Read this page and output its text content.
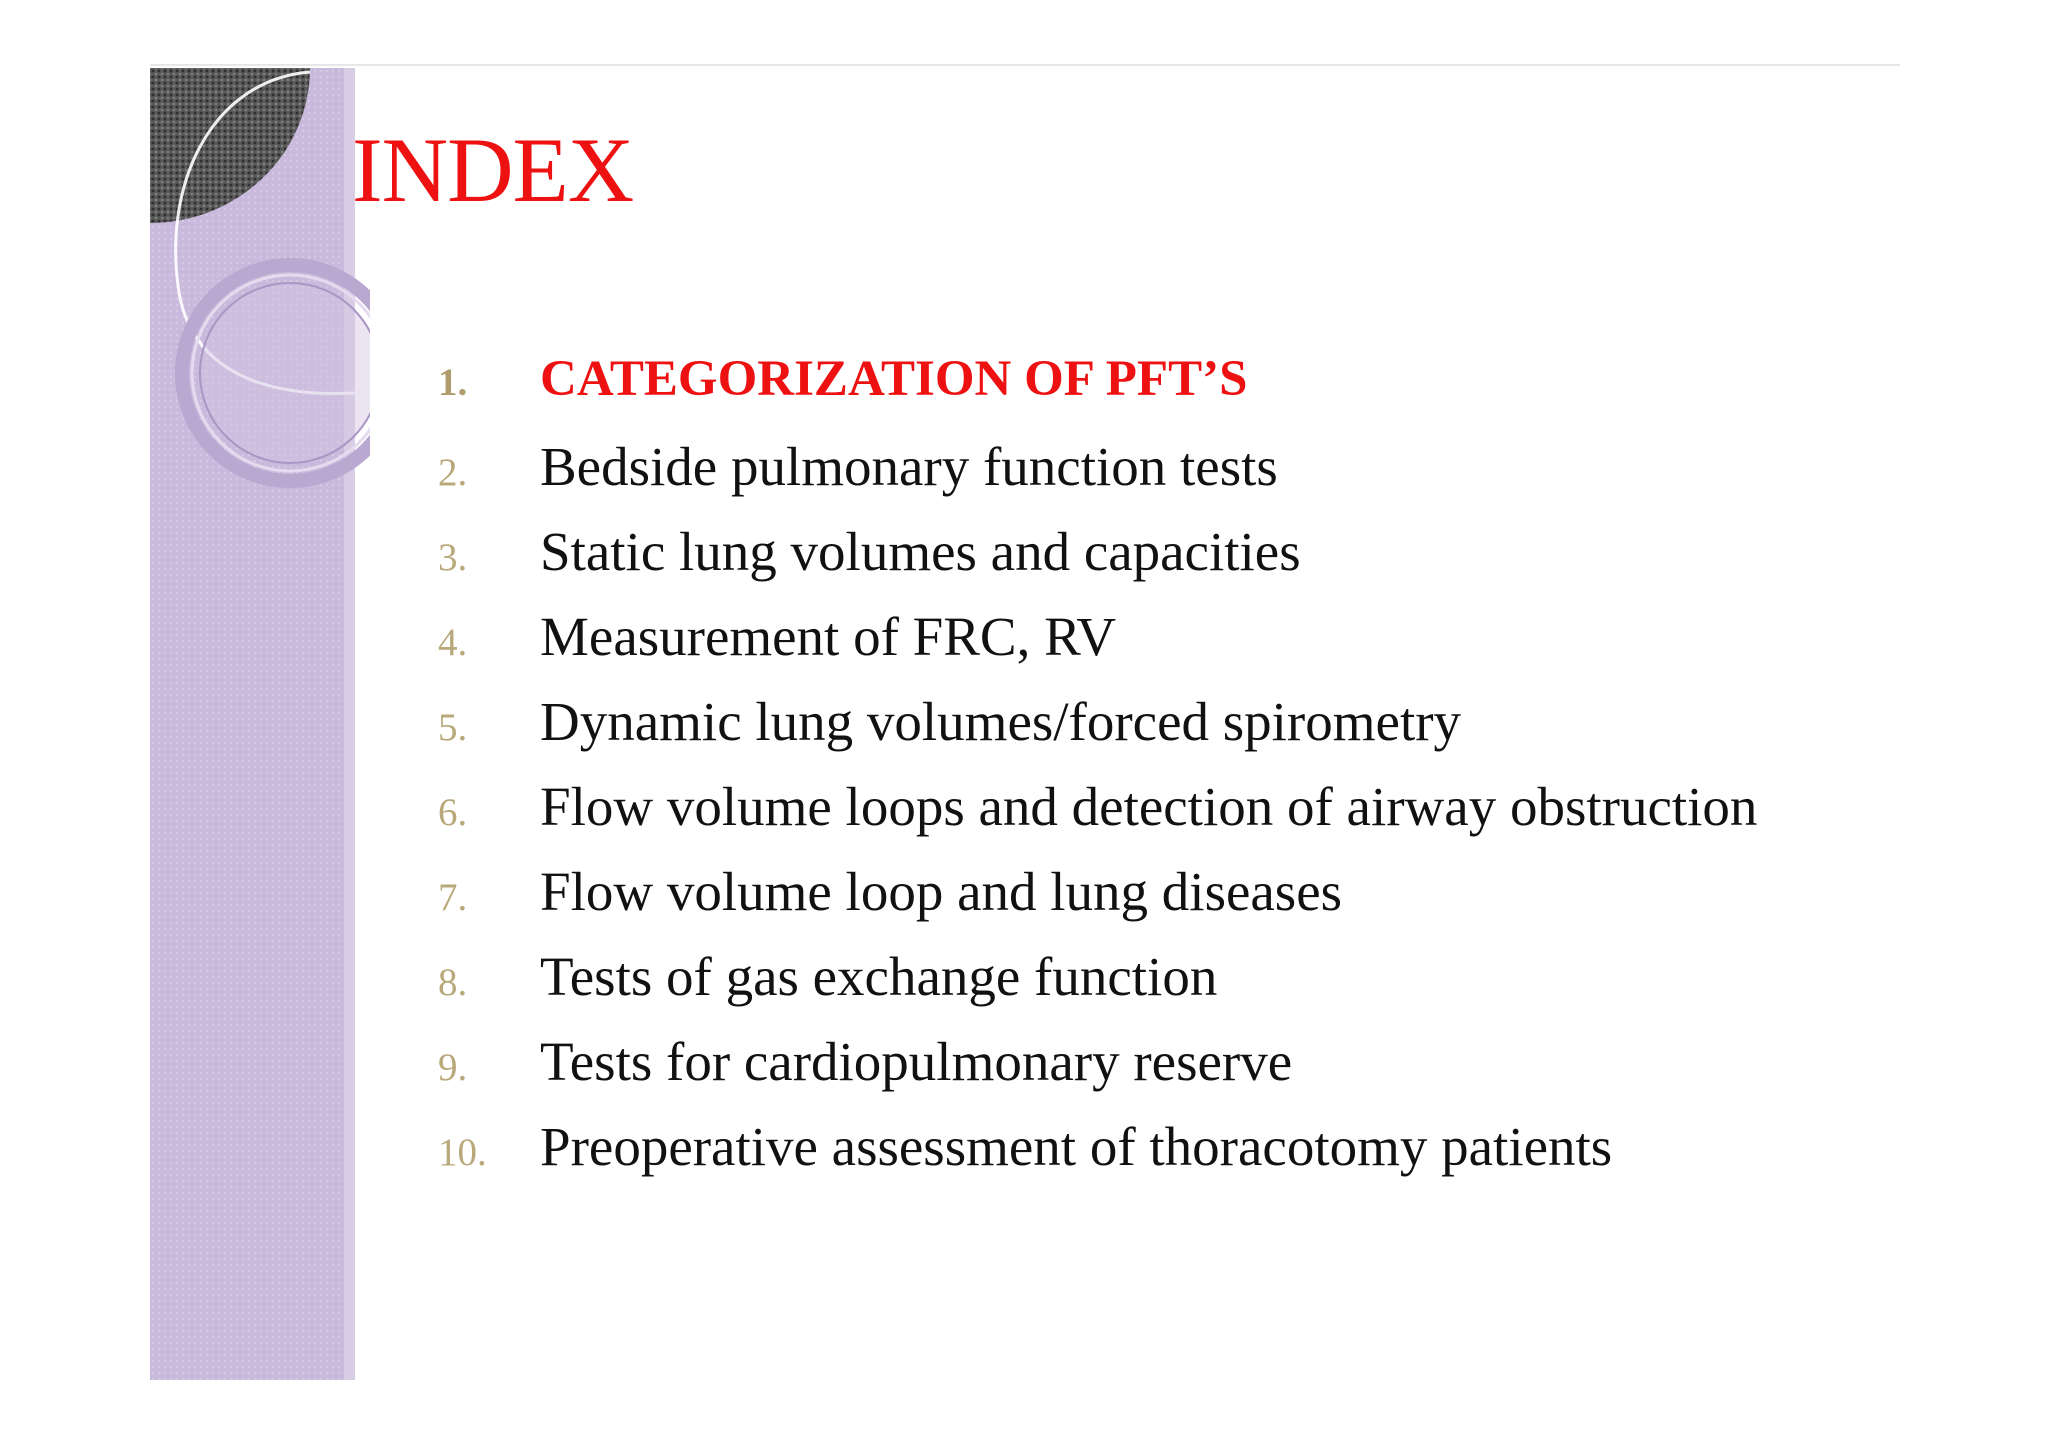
INDEX
1.	CATEGORIZATION OF PFT’S
2.	Bedside pulmonary function tests
3.	Static lung volumes and capacities
4.	Measurement of FRC, RV
5.	Dynamic lung volumes/forced spirometry
6.	Flow volume loops and detection of airway obstruction
7.	Flow volume loop and lung diseases
8.	Tests of gas exchange function
9.	Tests for cardiopulmonary reserve
10. Preoperative assessment of thoracotomy patients
